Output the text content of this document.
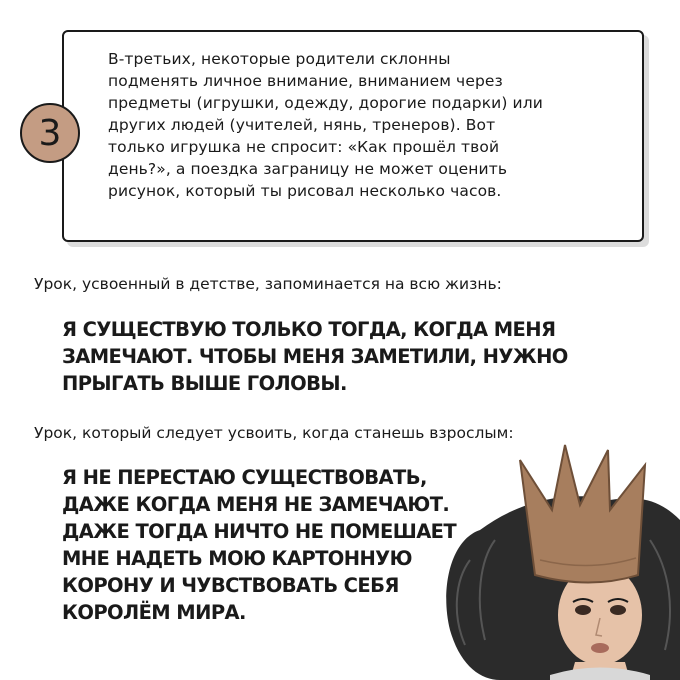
3
В-третьих, некоторые родители склонны
подменять личное внимание, вниманием через
предметы (игрушки, одежду, дорогие подарки) или
других людей (учителей, нянь, тренеров). Вот
только игрушка не спросит: «Как прошёл твой
день?», а поездка заграницу не может оценить
рисунок, который ты рисовал несколько часов.
Урок, усвоенный в детстве, запоминается на всю жизнь:
Я СУЩЕСТВУЮ ТОЛЬКО ТОГДА, КОГДА МЕНЯ
ЗАМЕЧАЮТ. ЧТОБЫ МЕНЯ ЗАМЕТИЛИ, НУЖНО
ПРЫГАТЬ ВЫШЕ ГОЛОВЫ.
Урок, который следует усвоить, когда станешь взрослым:
Я НЕ ПЕРЕСТАЮ СУЩЕСТВОВАТЬ,
ДАЖЕ КОГДА МЕНЯ НЕ ЗАМЕЧАЮТ.
ДАЖЕ ТОГДА НИЧТО НЕ ПОМЕШАЕТ
МНЕ НАДЕТЬ МОЮ КАРТОННУЮ
КОРОНУ И ЧУВСТВОВАТЬ СЕБЯ
КОРОЛЁМ МИРА.
